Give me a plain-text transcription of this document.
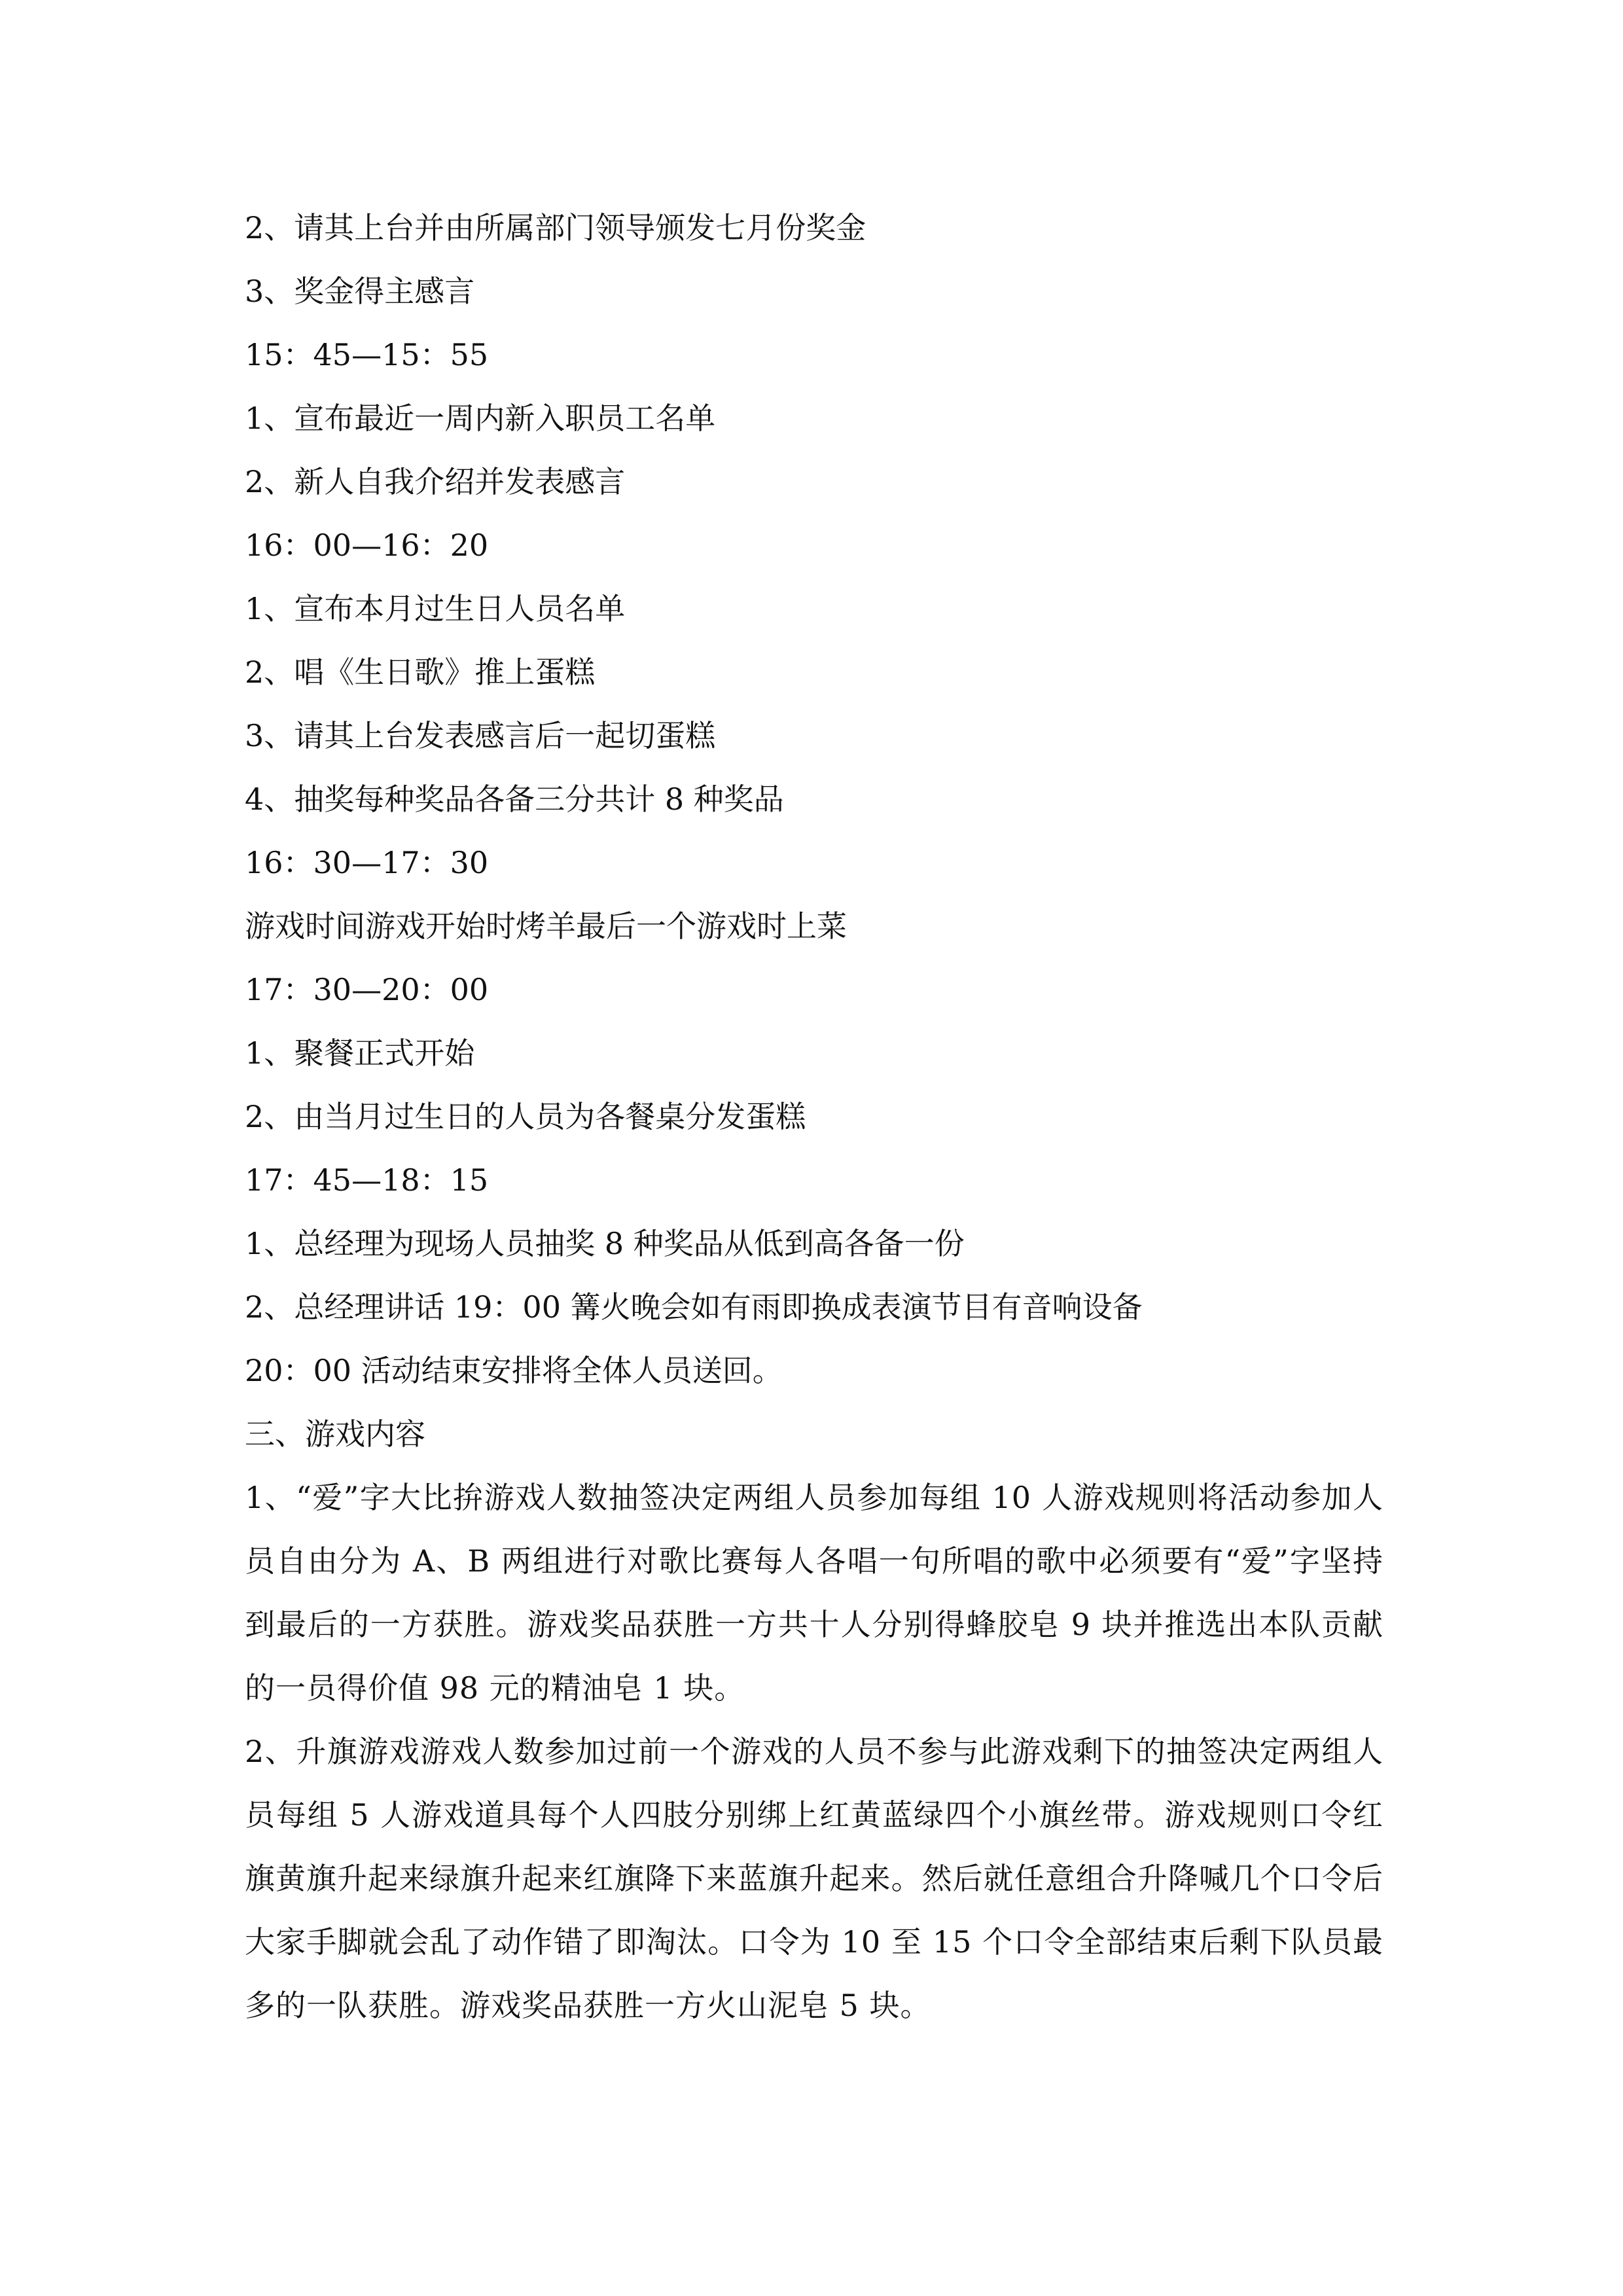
2、请其上台并由所属部门领导颁发七月份奖金

3、奖金得主感言

15：45—15：55

1、宣布最近一周内新入职员工名单

2、新人自我介绍并发表感言

16：00—16：20

1、宣布本月过生日人员名单

2、唱《生日歌》推上蛋糕

3、请其上台发表感言后一起切蛋糕

4、抽奖每种奖品各备三分共计 8 种奖品

16：30—17：30

游戏时间游戏开始时烤羊最后一个游戏时上菜

17：30—20：00

1、聚餐正式开始

2、由当月过生日的人员为各餐桌分发蛋糕

17：45—18：15

1、总经理为现场人员抽奖 8 种奖品从低到高各备一份

2、总经理讲话 19：00 篝火晚会如有雨即换成表演节目有音响设备

20：00 活动结束安排将全体人员送回。

三、游戏内容

1、“爱”字大比拚游戏人数抽签决定两组人员参加每组 10 人游戏规则将活动参加人员自由分为 A、B 两组进行对歌比赛每人各唱一句所唱的歌中必须要有“爱”字坚持到最后的一方获胜。游戏奖品获胜一方共十人分别得蜂胶皂 9 块并推选出本队贡献的一员得价值 98 元的精油皂 1 块。

2、升旗游戏游戏人数参加过前一个游戏的人员不参与此游戏剩下的抽签决定两组人员每组 5 人游戏道具每个人四肢分别绑上红黄蓝绿四个小旗丝带。游戏规则口令红旗黄旗升起来绿旗升起来红旗降下来蓝旗升起来。然后就任意组合升降喊几个口令后大家手脚就会乱了动作错了即淘汰。口令为 10 至 15 个口令全部结束后剩下队员最多的一队获胜。游戏奖品获胜一方火山泥皂 5 块。
